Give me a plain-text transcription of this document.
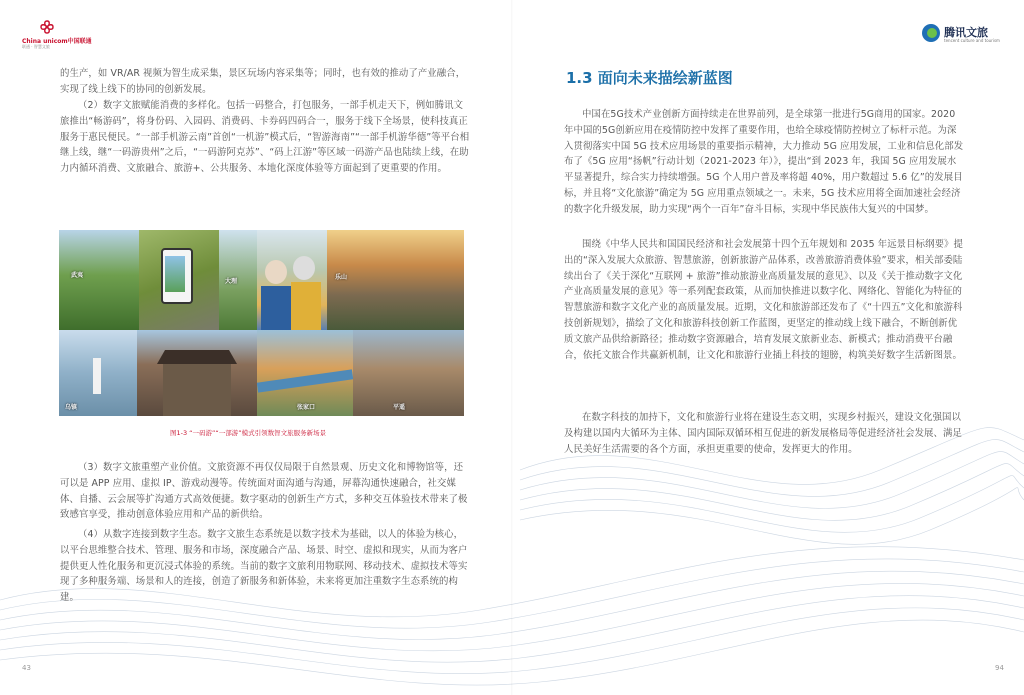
China unicom中国联通
联通 · 智慧文旅
腾讯文旅
tencent culture and tourism
的生产，如 VR/AR 视频为智生成采集，景区玩场内容采集等；同时，也有效的推动了产业融合，实现了线上线下的协同的创新发展。
（2）数字文旅赋能消费的多样化。包括一码整合，打包服务，一部手机走天下，例如腾讯文旅推出“畅游码”，将身份码、入园码、消费码、卡券码四码合一，服务于线下全场景，使科技真正服务于惠民便民。“一部手机游云南”首创“一机游”模式后，“智游海南”“一部手机游华德”等平台相继上线，继“一码游贵州”之后，“一码游阿克苏”、“码上江游”等区域一码游产品也陆续上线，在助力内循环消费、文旅融合、旅游+、公共服务、本地化深度体验等方面起到了更重要的作用。
武夷
大理
乐山
乌镇	张家口	平遥
图1-3 “一码游”“一部游”模式引领数智文旅服务新场景
（3）数字文旅重塑产业价值。文旅资源不再仅仅局限于自然景观、历史文化和博物馆等，还可以是 APP 应用、虚拟 IP、游戏动漫等。传统面对面沟通与沟通，屏幕沟通快速融合，社交媒体、自播、云会展等扩沟通方式高效便捷。数字驱动的创新生产方式，多种交互体验技术带来了极致感官享受，推动创意体验应用和产品的新供给。
（4）从数字连接到数字生态。数字文旅生态系统是以数字技术为基础，以人的体验为核心，以平台思维整合技术、管理、服务和市场，深度融合产品、场景、时空、虚拟和现实，从而为客户提供更人性化服务和更沉浸式体验的系统。当前的数字文旅利用物联网、移动技术、虚拟技术等实现了多种服务端、场景和人的连接，创造了新服务和新体验，未来将更加注重数字生态系统的构建。
1.3 面向未来描绘新蓝图
中国在5G技术产业创新方面持续走在世界前列，是全球第一批进行5G商用的国家。2020年中国的5G创新应用在疫情防控中发挥了重要作用，也给全球疫情防控树立了标杆示范。为深入贯彻落实中国 5G 技术应用场景的重要指示精神，大力推动 5G 应用发展，工业和信息化部发布了《5G 应用“扬帆”行动计划（2021-2023 年）》，提出“到 2023 年，我国 5G 应用发展水平显著提升，综合实力持续增强。5G 个人用户普及率将超 40%，用户数超过 5.6 亿”的发展目标，并且将“文化旅游”确定为 5G 应用重点领域之一。未来，5G 技术应用将全面加速社会经济的数字化升级发展，助力实现“两个一百年”奋斗目标，实现中华民族伟大复兴的中国梦。
围绕《中华人民共和国国民经济和社会发展第十四个五年规划和 2035 年远景目标纲要》提出的“深入发展大众旅游、智慧旅游，创新旅游产品体系，改善旅游消费体验”要求，相关部委陆续出台了《关于深化“互联网 + 旅游”推动旅游业高质量发展的意见》、以及《关于推动数字文化产业高质量发展的意见》等一系列配套政策，从而加快推进以数字化、网络化、智能化为特征的智慧旅游和数字文化产业的高质量发展。近期，文化和旅游部还发布了《“十四五”文化和旅游科技创新规划》，描绘了文化和旅游科技创新工作蓝图，更坚定的推动线上线下融合，不断创新优质文旅产品供给新路径；推动数字资源融合，培育发展文旅新业态、新模式；推动消费平台融合，依托文旅合作共赢新机制，让文化和旅游行业插上科技的翅膀，构筑美好数字生活新图景。
在数字科技的加持下，文化和旅游行业将在建设生态文明，实现乡村振兴，建设文化强国以及构建以国内大循环为主体、国内国际双循环相互促进的新发展格局等促进经济社会发展、满足人民美好生活需要的各个方面，承担更重要的使命，发挥更大的作用。
43	94
